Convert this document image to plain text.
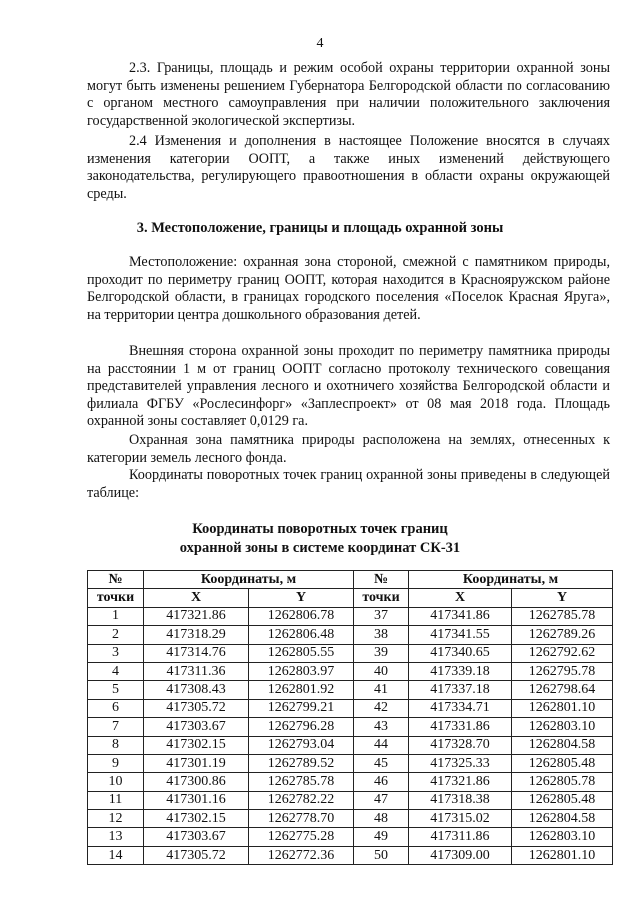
4

2.3. Границы, площадь и режим особой охраны территории охранной зоны могут быть изменены решением Губернатора Белгородской области по согласованию с органом местного самоуправления при наличии положительного заключения государственной экологической экспертизы.

2.4 Изменения и дополнения в настоящее Положение вносятся в случаях изменения категории ООПТ, а также иных изменений действующего законодательства, регулирующего правоотношения в области охраны окружающей среды.

3. Местоположение, границы и площадь охранной зоны

Местоположение: охранная зона стороной, смежной с памятником природы, проходит по периметру границ ООПТ, которая находится в Краснояружском районе Белгородской области, в границах городского поселения «Поселок Красная Яруга», на территории центра дошкольного образования детей.

Внешняя сторона охранной зоны проходит по периметру памятника природы на расстоянии 1 м от границ ООПТ согласно протоколу технического совещания представителей управления лесного и охотничего хозяйства Белгородской области и филиала ФГБУ «Рослесинфорг» «Заплеспроект» от 08 мая 2018 года. Площадь охранной зоны составляет 0,0129 га.

Охранная зона памятника природы расположена на землях, отнесенных к категории земель лесного фонда.

Координаты поворотных точек границ охранной зоны приведены в следующей таблице:

Координаты поворотных точек границ
охранной зоны в системе координат СК-31
№	Координаты, м		№	Координаты, м	
точки	X	Y	точки	X	Y
1	417321.86	1262806.78	37	417341.86	1262785.78
2	417318.29	1262806.48	38	417341.55	1262789.26
3	417314.76	1262805.55	39	417340.65	1262792.62
4	417311.36	1262803.97	40	417339.18	1262795.78
5	417308.43	1262801.92	41	417337.18	1262798.64
6	417305.72	1262799.21	42	417334.71	1262801.10
7	417303.67	1262796.28	43	417331.86	1262803.10
8	417302.15	1262793.04	44	417328.70	1262804.58
9	417301.19	1262789.52	45	417325.33	1262805.48
10	417300.86	1262785.78	46	417321.86	1262805.78
11	417301.16	1262782.22	47	417318.38	1262805.48
12	417302.15	1262778.70	48	417315.02	1262804.58
13	417303.67	1262775.28	49	417311.86	1262803.10
14	417305.72	1262772.36	50	417309.00	1262801.10
